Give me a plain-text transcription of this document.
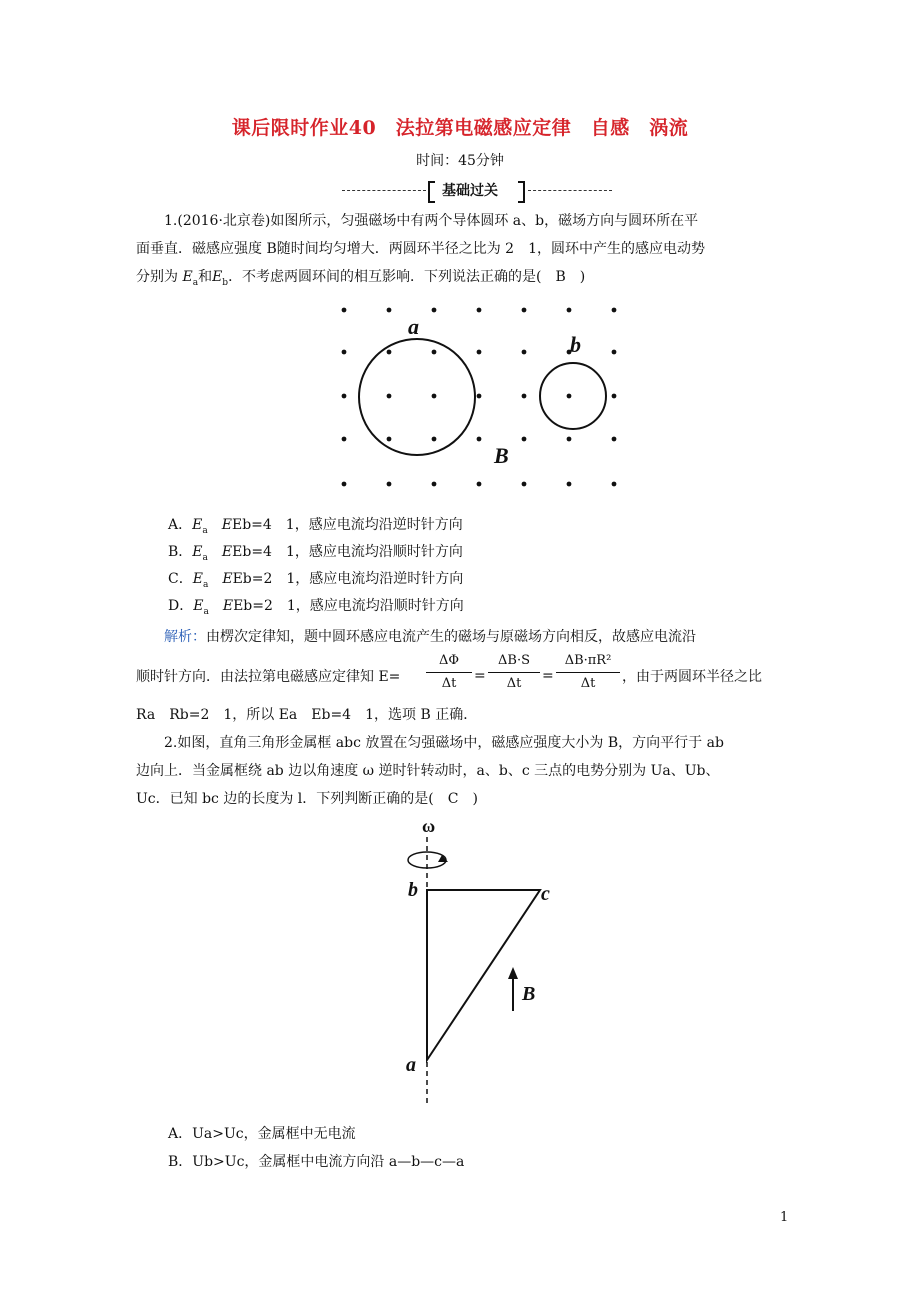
课后限时作业40　法拉第电磁感应定律　自感　涡流
时间：45分钟
基础过关
1.(2016·北京卷)如图所示，匀强磁场中有两个导体圆环 a、b，磁场方向与圆环所在平
面垂直．磁感应强度 B随时间均匀增大．两圆环半径之比为 2　1，圆环中产生的感应电动势
分别为 $E_a$和$E_b$．不考虑两圆环间的相互影响．下列说法正确的是(　B　)
a
b
B
A．$E_a$　 EEb=4　1，感应电流均沿逆时针方向
B．$E_a$　 EEb=4　1，感应电流均沿顺时针方向
C．$E_a$　 EEb=2　1，感应电流均沿逆时针方向
D．$E_a$　 EEb=2　1，感应电流均沿顺时针方向
解析：由楞次定律知，题中圆环感应电流产生的磁场与原磁场方向相反，故感应电流沿
顺时针方向．由法拉第电磁感应定律知 E=
ΔΦ
Δt	=
ΔB·S
Δt	=
ΔB·πR²
Δt	，由于两圆环半径之比
Ra　Rb=2　1，所以 Ea　Eb=4　1，选项 B 正确．
2.如图，直角三角形金属框 abc 放置在匀强磁场中，磁感应强度大小为 B，方向平行于 ab
边向上．当金属框绕 ab 边以角速度 ω 逆时针转动时，a、b、c 三点的电势分别为 Ua、Ub、
Uc．已知 bc 边的长度为 l．下列判断正确的是(　C　)
ω
b	c
a
B
A．Ua>Uc，金属框中无电流
B．Ub>Uc，金属框中电流方向沿 a—b—c—a
1
